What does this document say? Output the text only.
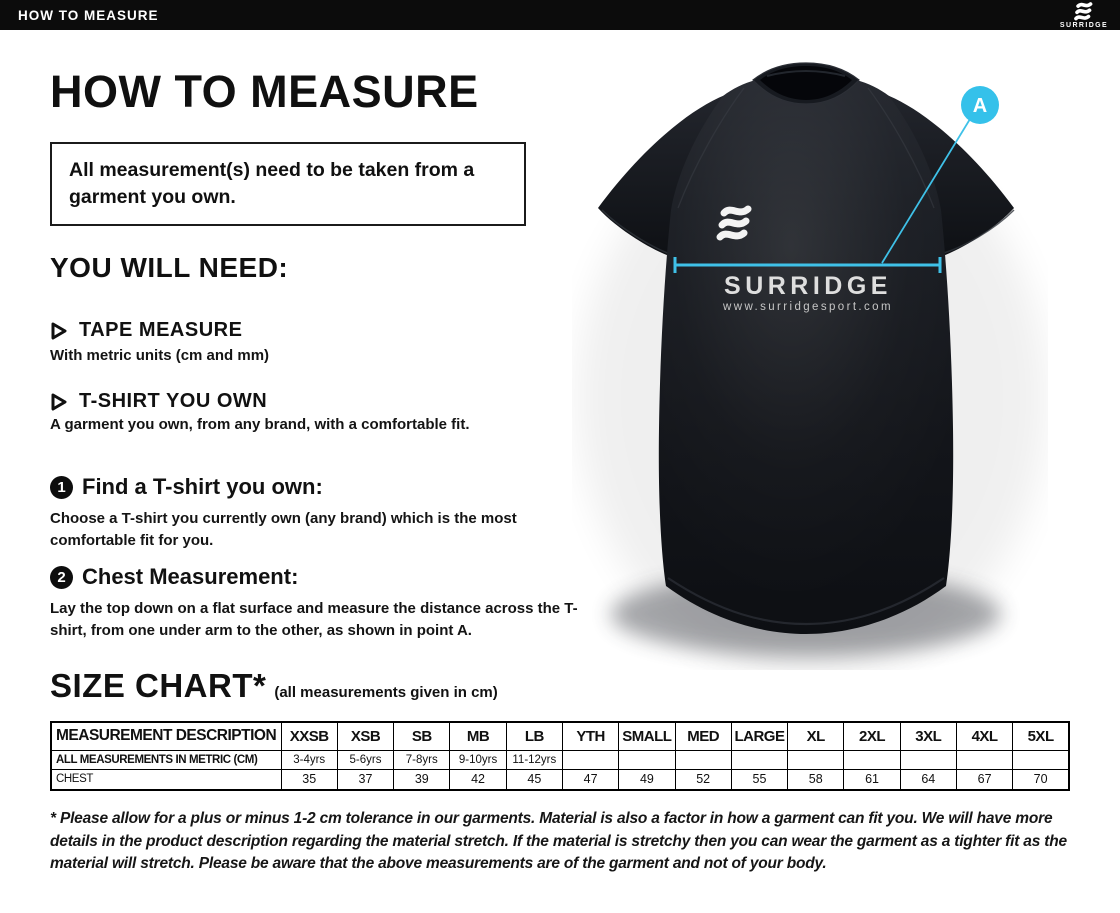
HOW TO MEASURE
SURRIDGE
HOW TO MEASURE
All measurement(s) need to be taken from a garment you own.
YOU WILL NEED:
TAPE MEASURE
With metric units (cm and mm)
T-SHIRT YOU OWN
A garment you own, from any brand, with a comfortable fit.
1 Find a T-shirt you own:
Choose a T-shirt you currently own (any brand) which is the most comfortable fit for you.
2 Chest Measurement:
Lay the top down on a flat surface and measure the distance across the T-shirt, from one under arm to the other, as shown in point A.
SIZE CHART* (all measurements given in cm)
MEASUREMENT DESCRIPTION	XXSB	XSB	SB	MB	LB	YTH	SMALL	MED	LARGE	XL	2XL	3XL	4XL	5XL
ALL MEASUREMENTS IN METRIC (CM)	3-4yrs	5-6yrs	7-8yrs	9-10yrs	11-12yrs									
CHEST	35	37	39	42	45	47	49	52	55	58	61	64	67	70
* Please allow for a plus or minus 1-2 cm tolerance in our garments. Material is also a factor in how a garment can fit you. We will have more details in the product description regarding the material stretch. If the material is stretchy then you can wear the garment as a tighter fit as the material will stretch. Please be aware that the above measurements are of the garment and not of your body.
SURRIDGE
www.surridgesport.com
A
